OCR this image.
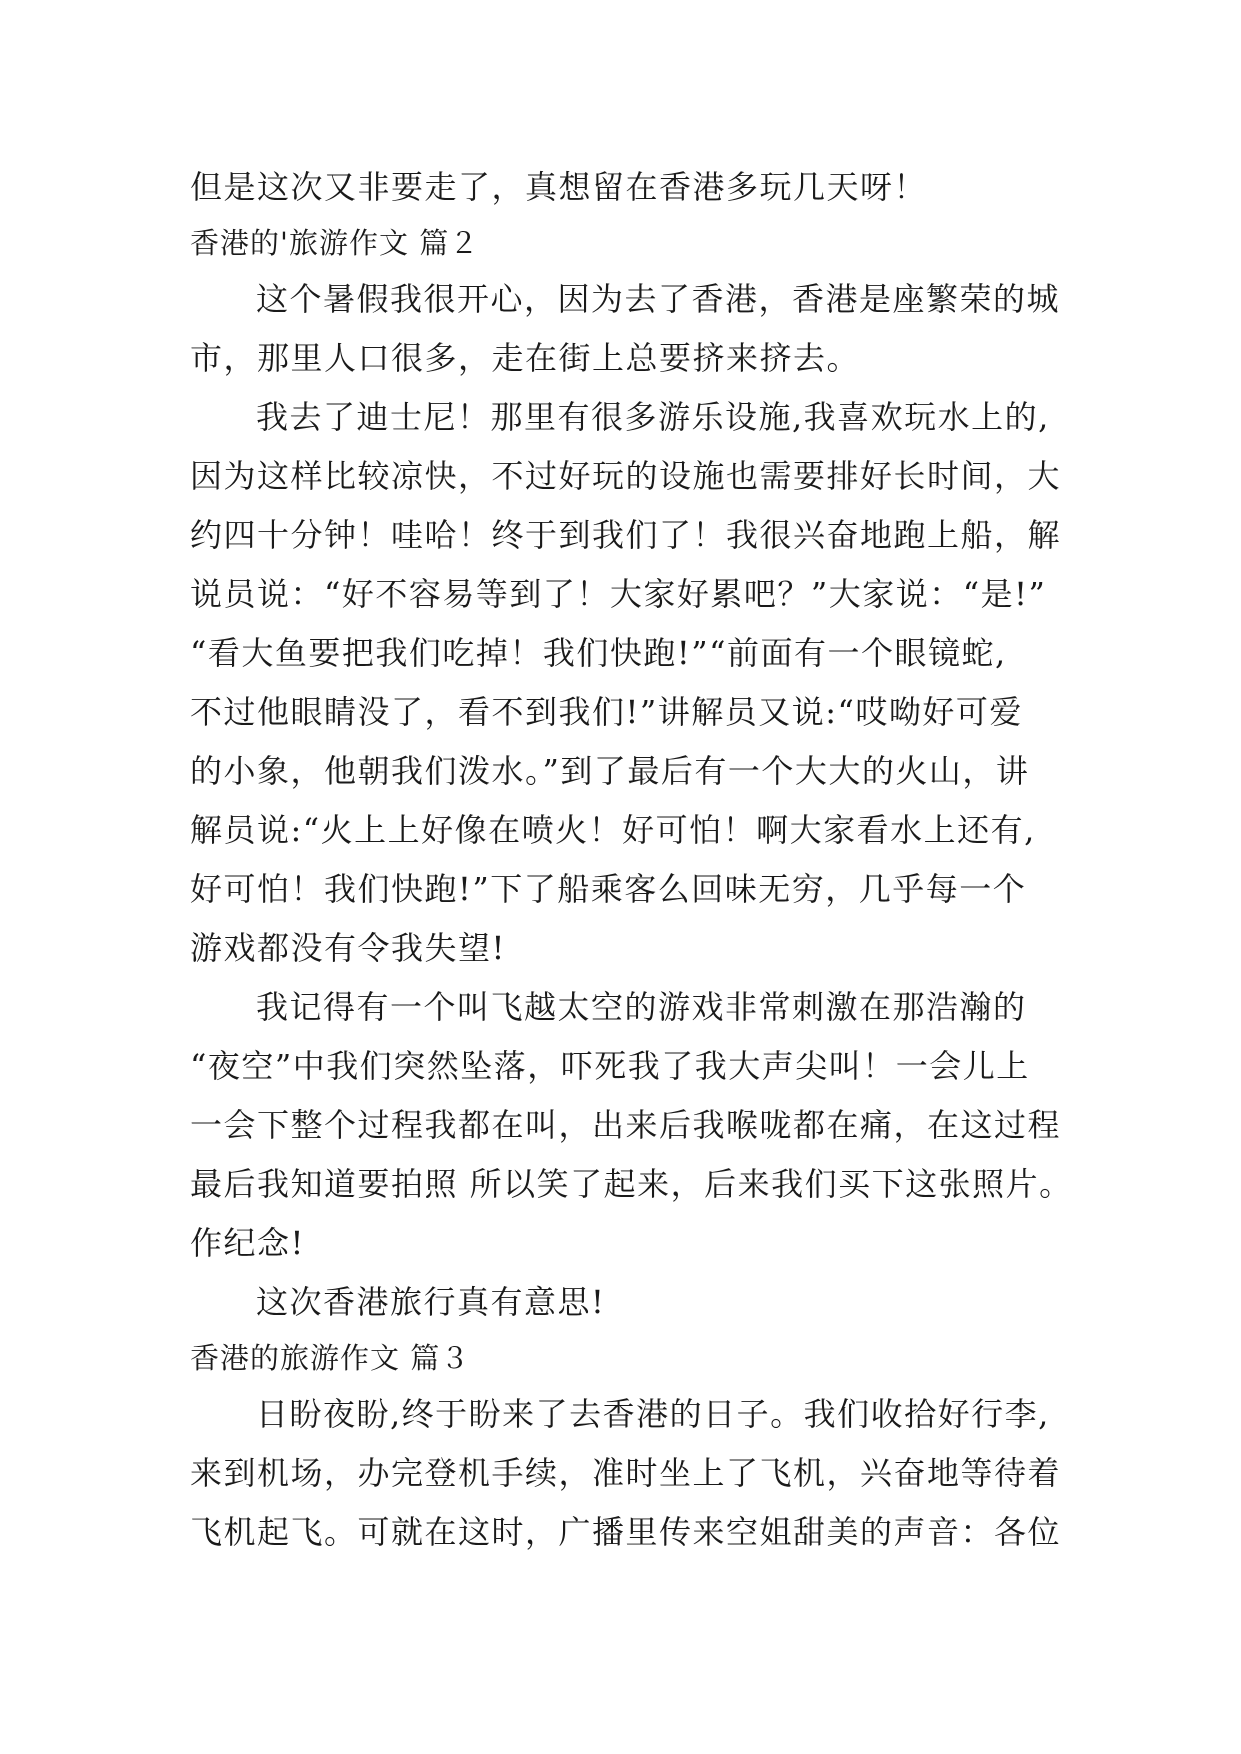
但是这次又非要走了，真想留在香港多玩几天呀！
香港的'旅游作文 篇２
这个暑假我很开心，因为去了香港，香港是座繁荣的城
市，那里人口很多，走在街上总要挤来挤去。
我去了迪士尼！那里有很多游乐设施,我喜欢玩水上的,
因为这样比较凉快，不过好玩的设施也需要排好长时间，大
约四十分钟！哇哈！终于到我们了！我很兴奋地跑上船，解
说员说：“好不容易等到了！大家好累吧？”大家说：“是!”
“看大鱼要把我们吃掉！我们快跑!”“前面有一个眼镜蛇,
不过他眼睛没了，看不到我们!”讲解员又说:“哎呦好可爱
的小象，他朝我们泼水。”到了最后有一个大大的火山，讲
解员说:“火上上好像在喷火！好可怕！啊大家看水上还有,
好可怕！我们快跑!”下了船乘客么回味无穷，几乎每一个
游戏都没有令我失望!
我记得有一个叫飞越太空的游戏非常刺激在那浩瀚的
“夜空”中我们突然坠落，吓死我了我大声尖叫！一会儿上
一会下整个过程我都在叫，出来后我喉咙都在痛，在这过程
最后我知道要拍照 所以笑了起来，后来我们买下这张照片。
作纪念!
这次香港旅行真有意思!
香港的旅游作文 篇３
日盼夜盼,终于盼来了去香港的日子。我们收拾好行李,
来到机场，办完登机手续，准时坐上了飞机，兴奋地等待着
飞机起飞。可就在这时，广播里传来空姐甜美的声音：各位
